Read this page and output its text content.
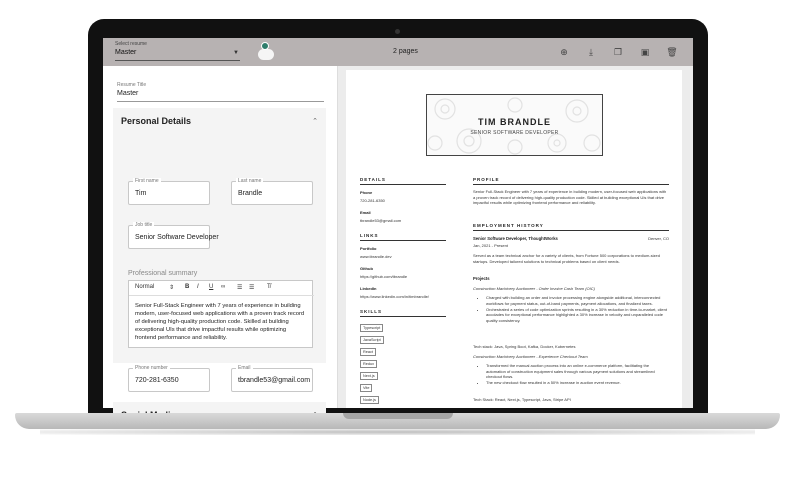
Select resume
Master	▼	2 pages	⊕	⤓	❐ ▣ 🗑
Resume Title
Master
Personal Details	⌃
First name
Tim
Last name
Brandle
Job title
Senior Software Developer
Professional summary
Normal ⇕ B I U ∞ ☰ ☰ T̸
Senior Full-Stack Engineer with 7 years of experience in building modern, user-focused web applications with a proven track record of delivering high-quality production code. Skilled at building exceptional UIs that drive impactful results while optimizing frontend performance and reliability.
Phone number
720-281-6350
Email
tbrandle53@gmail.com
TIM BRANDLE
SENIOR SOFTWARE DEVELOPER
DETAILS
Phone
720-281-6350
Email
tbrandle53@gmail.com
LINKS
Portfolio
www.tbrandle.dev
Github
https://github.com/tbrandle
LinkedIn
https://www.linkedin.com/in/timbrandle/
SKILLS
Typescript
JavaScript
React
Redux
Next.js
Vite
Node.js
PROFILE
Senior Full-Stack Engineer with 7 years of experience in building modern, user-focused web applications with a proven track record of delivering high-quality production code. Skilled at building exceptional UIs that drive impactful results while optimizing frontend performance and reliability.
EMPLOYMENT HISTORY
Senior Software Developer, ThoughtWorks	Denver, CO
Jan, 2021 - Present
Served as a team technical anchor for a variety of clients, from Fortune 500 corporations to medium-sized startups. Developed tailored solutions to technical problems based on client needs.
Projects
Construction Machinery Auctioneer - Order Invoice Cash Team (OIC)
• Charged with building an order and invoice processing engine alongside additional, interconnected workflows for payment status, out-of-band payments, payment allocations, and finalized taxes.
• Orchestrated a series of code optimization sprints resulting in a 30% reduction in time-to-market, client accolades for exceptional performance highlighted a 30% increase in velocity and unparalleled code quality consistency.
Tech stack: Java, Spring Boot, Kafka, Docker, Kubernetes
Construction Machinery Auctioneer - Experience Checkout Team
• Transformed the manual auction process into an online e-commerce platform, facilitating the automation of construction equipment sales through various payment solutions and streamlined checkout flows.
• The new checkout flow resulted in a 50% increase in auction event revenue.
Tech Stack: React, Next.js, Typescript, Java, Stripe API
